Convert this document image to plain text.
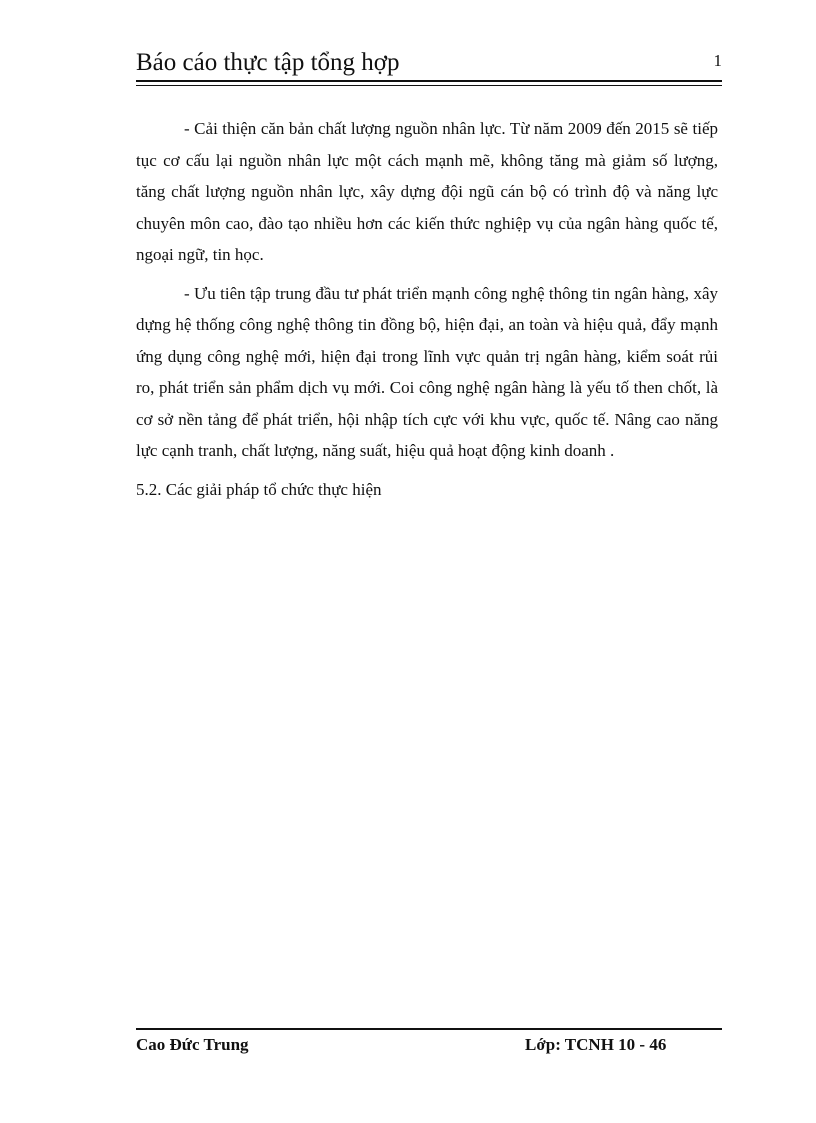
Báo cáo thực tập tổng hợp	1

- Cải thiện căn bản chất lượng nguồn nhân lực. Từ năm 2009 đến 2015 sẽ tiếp tục cơ cấu lại nguồn nhân lực một cách mạnh mẽ, không tăng mà giảm số lượng, tăng chất lượng nguồn nhân lực, xây dựng đội ngũ cán bộ có trình độ và năng lực chuyên môn cao, đào tạo nhiều hơn các kiến thức nghiệp vụ của ngân hàng quốc tế, ngoại ngữ, tin học.

- Ưu tiên tập trung đầu tư phát triển mạnh công nghệ thông tin ngân hàng, xây dựng hệ thống công nghệ thông tin đồng bộ, hiện đại, an toàn và hiệu quả, đẩy mạnh ứng dụng công nghệ mới, hiện đại trong lĩnh vực quản trị ngân hàng, kiểm soát rủi ro, phát triển sản phẩm dịch vụ mới. Coi công nghệ ngân hàng là yếu tố then chốt, là cơ sở nền tảng để phát triển, hội nhập tích cực với khu vực, quốc tế. Nâng cao năng lực cạnh tranh, chất lượng, năng suất, hiệu quả hoạt động kinh doanh .

5.2. Các giải pháp tổ chức thực hiện

Cao Đức Trung	Lớp: TCNH 10 - 46
